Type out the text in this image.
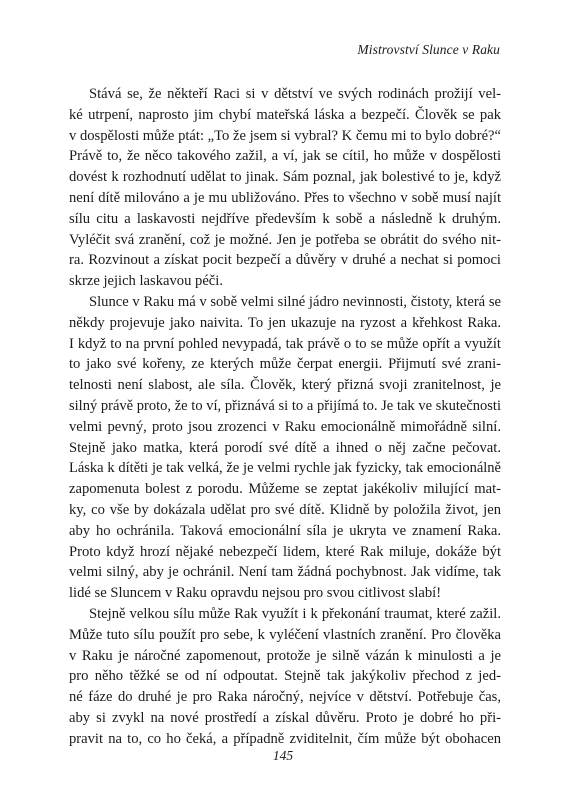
Mistrovství Slunce v Raku
Stává se, že někteří Raci si v dětství ve svých rodinách prožijí vel-
ké utrpení, naprosto jim chybí mateřská láska a bezpečí. Člověk se pak
v dospělosti může ptát: „To že jsem si vybral? K čemu mi to bylo dobré?“
Právě to, že něco takového zažil, a ví, jak se cítil, ho může v dospělosti
dovést k rozhodnutí udělat to jinak. Sám poznal, jak bolestivé to je, když
není dítě milováno a je mu ubližováno. Přes to všechno v sobě musí najít
sílu citu a laskavosti nejdříve především k sobě a následně k druhým.
Vyléčit svá zranění, což je možné. Jen je potřeba se obrátit do svého nit-
ra. Rozvinout a získat pocit bezpečí a důvěry v druhé a nechat si pomoci
skrze jejich laskavou péči.
Slunce v Raku má v sobě velmi silné jádro nevinnosti, čistoty, která se
někdy projevuje jako naivita. To jen ukazuje na ryzost a křehkost Raka.
I když to na první pohled nevypadá, tak právě o to se může opřít a využít
to jako své kořeny, ze kterých může čerpat energii. Přijmutí své zrani-
telnosti není slabost, ale síla. Člověk, který přizná svoji zranitelnost, je
silný právě proto, že to ví, přiznává si to a přijímá to. Je tak ve skutečnosti
velmi pevný, proto jsou zrozenci v Raku emocionálně mimořádně silní.
Stejně jako matka, která porodí své dítě a ihned o něj začne pečovat.
Láska k dítěti je tak velká, že je velmi rychle jak fyzicky, tak emocionálně
zapomenuta bolest z porodu. Můžeme se zeptat jakékoliv milující mat-
ky, co vše by dokázala udělat pro své dítě. Klidně by položila život, jen
aby ho ochránila. Taková emocionální síla je ukryta ve znamení Raka.
Proto když hrozí nějaké nebezpečí lidem, které Rak miluje, dokáže být
velmi silný, aby je ochránil. Není tam žádná pochybnost. Jak vidíme, tak
lidé se Sluncem v Raku opravdu nejsou pro svou citlivost slabí!
Stejně velkou sílu může Rak využít i k překonání traumat, které zažil.
Může tuto sílu použít pro sebe, k vyléčení vlastních zranění. Pro člověka
v Raku je náročné zapomenout, protože je silně vázán k minulosti a je
pro něho těžké se od ní odpoutat. Stejně tak jakýkoliv přechod z jed-
né fáze do druhé je pro Raka náročný, nejvíce v dětství. Potřebuje čas,
aby si zvykl na nové prostředí a získal důvěru. Proto je dobré ho při-
pravit na to, co ho čeká, a případně zviditelnit, čím může být obohacen
145
